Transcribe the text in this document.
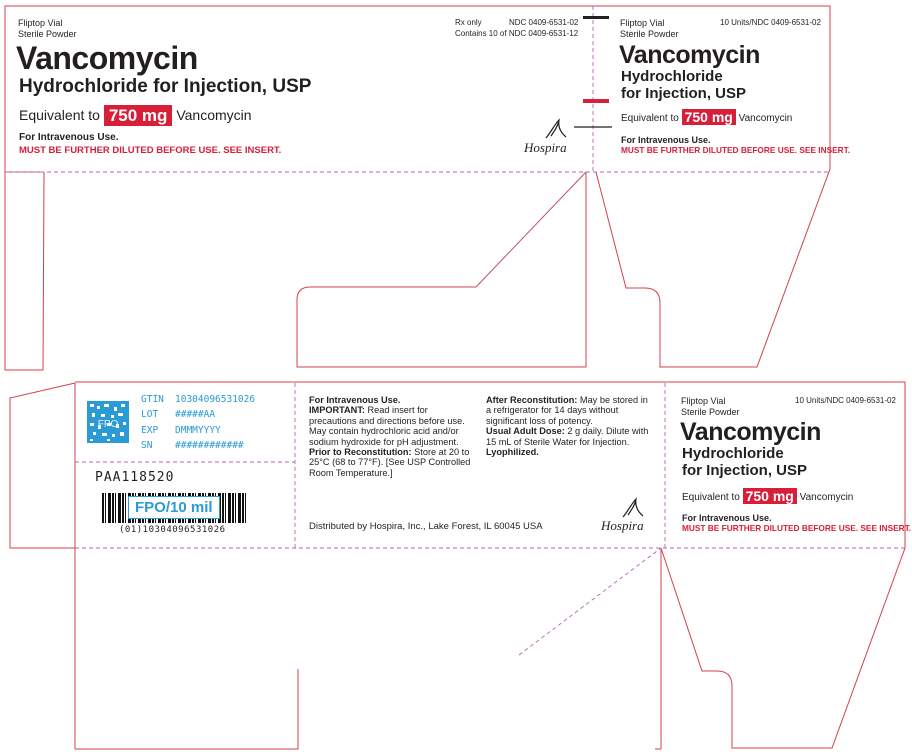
Fliptop Vial
Sterile Powder
Vancomycin
Hydrochloride for Injection, USP
Equivalent to 750 mg Vancomycin
For Intravenous Use.
MUST BE FURTHER DILUTED BEFORE USE. SEE INSERT.
Rx only	NDC 0409-6531-02
Contains 10 of NDC 0409-6531-12
Hospira
Fliptop Vial
Sterile Powder
10 Units/NDC 0409-6531-02
Vancomycin
Hydrochloride
for Injection, USP
Equivalent to 750 mg Vancomycin
For Intravenous Use.
MUST BE FURTHER DILUTED BEFORE USE. SEE INSERT.
FPO
GTIN 10304096531026
LOT #####AA
EXP DMMMYYYY
SN ############
PAA118520
FPO/10 mil
(01)10304096531026

For Intravenous Use.

IMPORTANT: Read insert for precautions and directions before use. May contain hydrochloric acid and/or sodium hydroxide for pH adjustment.

Prior to Reconstitution: Store at 20 to 25°C (68 to 77°F). [See USP Controlled Room Temperature.]

After Reconstitution: May be stored in a refrigerator for 14 days without significant loss of potency.

Usual Adult Dose: 2 g daily. Dilute with 15 mL of Sterile Water for Injection.

Lyophilized.

Distributed by Hospira, Inc., Lake Forest, IL 60045 USA	Hospira
Fliptop Vial
Sterile Powder
10 Units/NDC 0409-6531-02
Vancomycin
Hydrochloride
for Injection, USP
Equivalent to 750 mg Vancomycin
For Intravenous Use.
MUST BE FURTHER DILUTED BEFORE USE. SEE INSERT.
